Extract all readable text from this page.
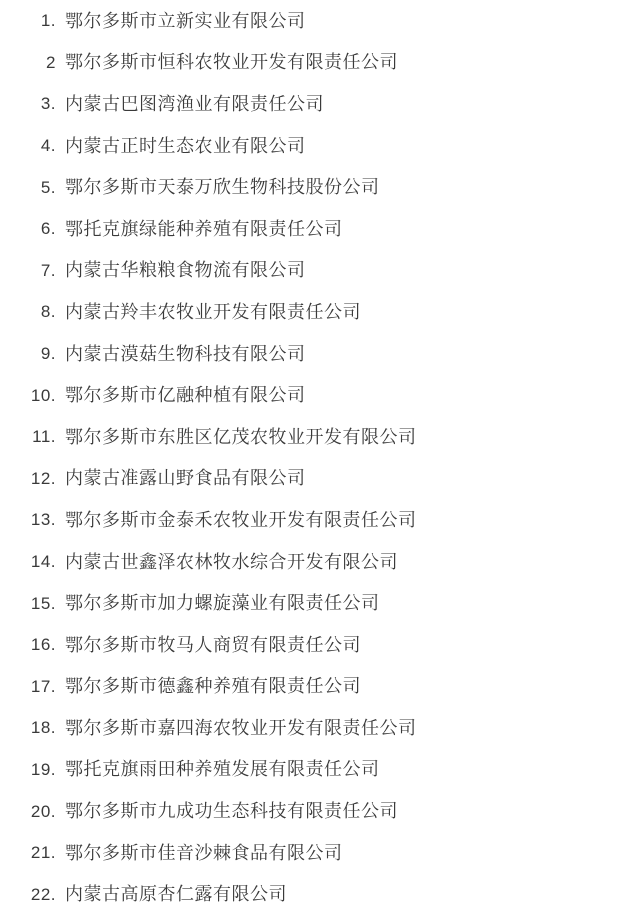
1. 鄂尔多斯市立新实业有限公司
2 鄂尔多斯市恒科农牧业开发有限责任公司
3. 内蒙古巴图湾渔业有限责任公司
4. 内蒙古正时生态农业有限公司
5. 鄂尔多斯市天泰万欣生物科技股份公司
6. 鄂托克旗绿能种养殖有限责任公司
7. 内蒙古华粮粮食物流有限公司
8. 内蒙古羚丰农牧业开发有限责任公司
9. 内蒙古漠菇生物科技有限公司
10. 鄂尔多斯市亿融种植有限公司
11. 鄂尔多斯市东胜区亿茂农牧业开发有限公司
12. 内蒙古准露山野食品有限公司
13. 鄂尔多斯市金泰禾农牧业开发有限责任公司
14. 内蒙古世鑫泽农林牧水综合开发有限公司
15. 鄂尔多斯市加力螺旋藻业有限责任公司
16. 鄂尔多斯市牧马人商贸有限责任公司
17. 鄂尔多斯市德鑫种养殖有限责任公司
18. 鄂尔多斯市嘉四海农牧业开发有限责任公司
19. 鄂托克旗雨田种养殖发展有限责任公司
20. 鄂尔多斯市九成功生态科技有限责任公司
21. 鄂尔多斯市佳音沙棘食品有限公司
22. 内蒙古高原杏仁露有限公司
